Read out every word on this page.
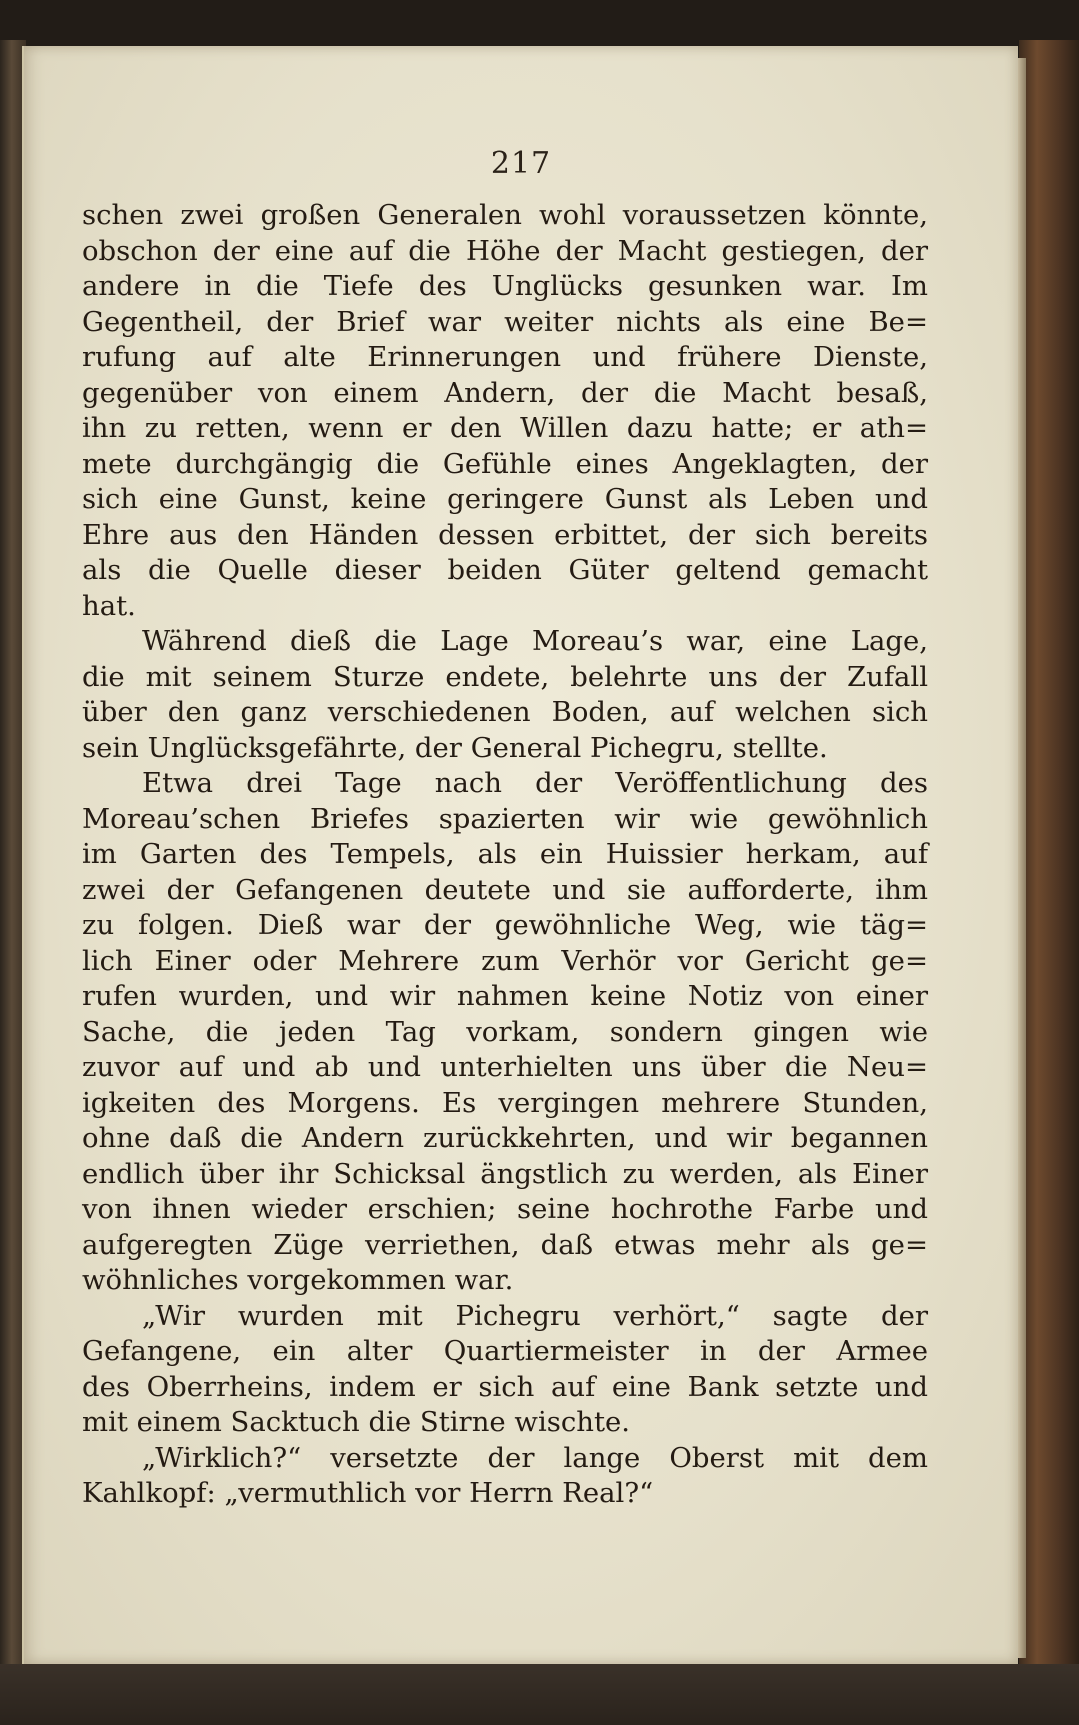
217
schen zwei großen Generalen wohl voraussetzen könnte,
obschon der eine auf die Höhe der Macht gestiegen, der
andere in die Tiefe des Unglücks gesunken war. Im
Gegentheil, der Brief war weiter nichts als eine Be=
rufung auf alte Erinnerungen und frühere Dienste,
gegenüber von einem Andern, der die Macht besaß,
ihn zu retten, wenn er den Willen dazu hatte; er ath=
mete durchgängig die Gefühle eines Angeklagten, der
sich eine Gunst, keine geringere Gunst als Leben und
Ehre aus den Händen dessen erbittet, der sich bereits
als die Quelle dieser beiden Güter geltend gemacht
hat.
Während dieß die Lage Moreau’s war, eine Lage,
die mit seinem Sturze endete, belehrte uns der Zufall
über den ganz verschiedenen Boden, auf welchen sich
sein Unglücksgefährte, der General Pichegru, stellte.
Etwa drei Tage nach der Veröffentlichung des
Moreau’schen Briefes spazierten wir wie gewöhnlich
im Garten des Tempels, als ein Huissier herkam, auf
zwei der Gefangenen deutete und sie aufforderte, ihm
zu folgen. Dieß war der gewöhnliche Weg, wie täg=
lich Einer oder Mehrere zum Verhör vor Gericht ge=
rufen wurden, und wir nahmen keine Notiz von einer
Sache, die jeden Tag vorkam, sondern gingen wie
zuvor auf und ab und unterhielten uns über die Neu=
igkeiten des Morgens. Es vergingen mehrere Stunden,
ohne daß die Andern zurückkehrten, und wir begannen
endlich über ihr Schicksal ängstlich zu werden, als Einer
von ihnen wieder erschien; seine hochrothe Farbe und
aufgeregten Züge verriethen, daß etwas mehr als ge=
wöhnliches vorgekommen war.
„Wir wurden mit Pichegru verhört,“ sagte der
Gefangene, ein alter Quartiermeister in der Armee
des Oberrheins, indem er sich auf eine Bank setzte und
mit einem Sacktuch die Stirne wischte.
„Wirklich?“ versetzte der lange Oberst mit dem
Kahlkopf: „vermuthlich vor Herrn Real?“
